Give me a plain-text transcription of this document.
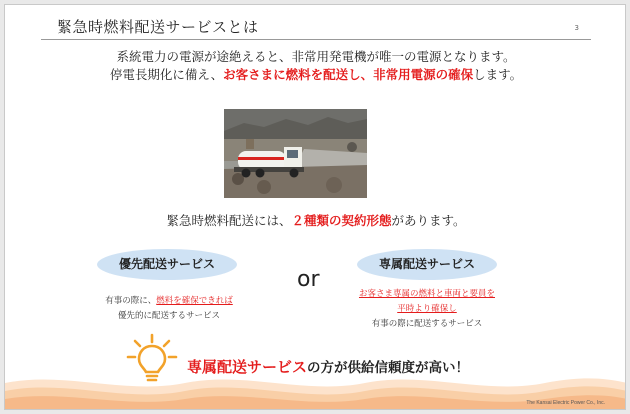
緊急時燃料配送サービスとは	3
系統電力の電源が途絶えると、非常用発電機が唯一の電源となります。
停電長期化に備え、お客さまに燃料を配送し、非常用電源の確保します。
緊急時燃料配送には、２種類の契約形態があります。
優先配送サービス	専属配送サービス
or
有事の際に、燃料を確保できれば
優先的に配送するサービス
お客さま専属の燃料と車両と要員を
平時より確保し
有事の際に配送するサービス
専属配送サービスの方が供給信頼度が高い！
The Kansai Electric Power Co., Inc.
